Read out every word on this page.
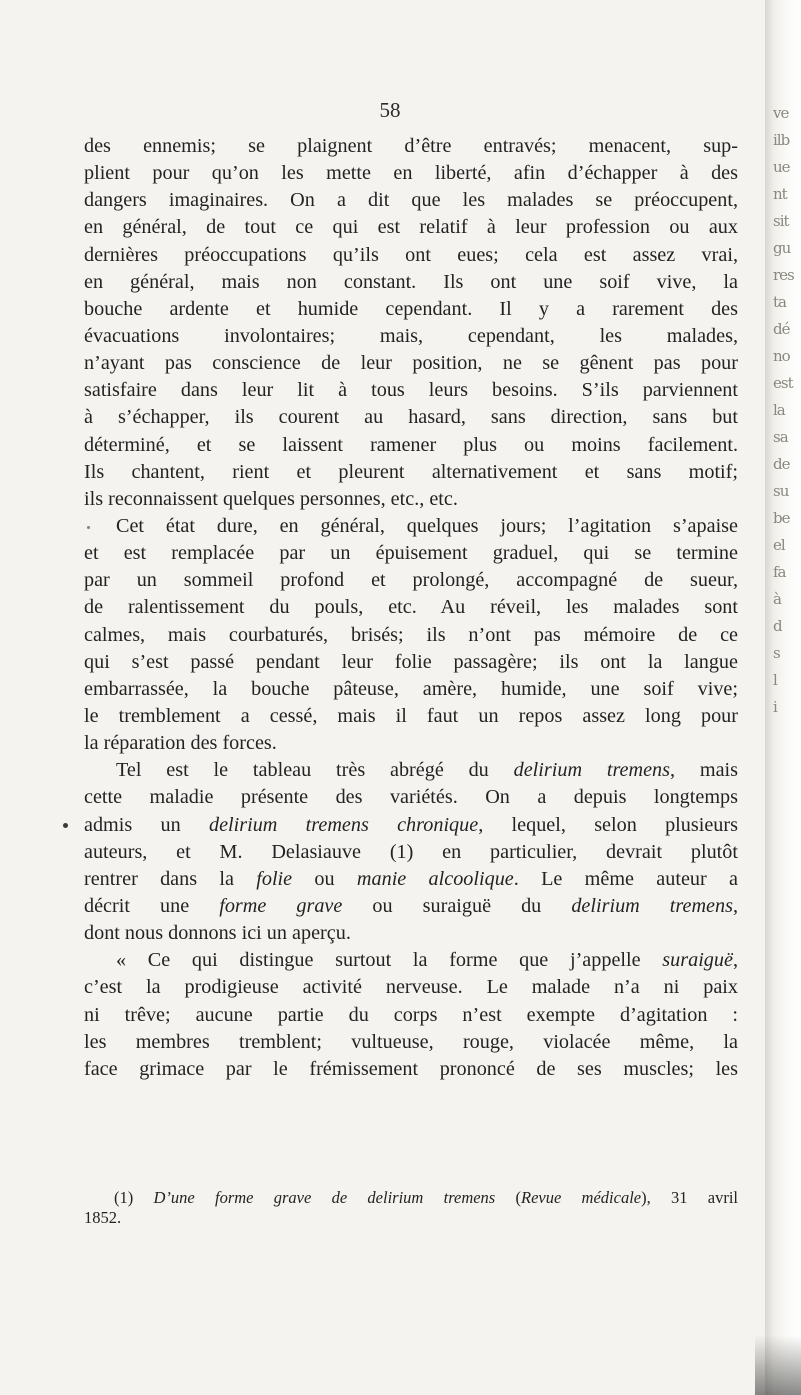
58
des ennemis; se plaignent d’être entravés; menacent, sup-
plient pour qu’on les mette en liberté, afin d’échapper à des
dangers imaginaires. On a dit que les malades se préoccupent,
en général, de tout ce qui est relatif à leur profession ou aux
dernières préoccupations qu’ils ont eues; cela est assez vrai,
en général, mais non constant. Ils ont une soif vive, la
bouche ardente et humide cependant. Il y a rarement des
évacuations involontaires; mais, cependant, les malades,
n’ayant pas conscience de leur position, ne se gênent pas pour
satisfaire dans leur lit à tous leurs besoins. S’ils parviennent
à s’échapper, ils courent au hasard, sans direction, sans but
déterminé, et se laissent ramener plus ou moins facilement.
Ils chantent, rient et pleurent alternativement et sans motif;
ils reconnaissent quelques personnes, etc., etc.
Cet état dure, en général, quelques jours; l’agitation s’apaise
et est remplacée par un épuisement graduel, qui se termine
par un sommeil profond et prolongé, accompagné de sueur,
de ralentissement du pouls, etc. Au réveil, les malades sont
calmes, mais courbaturés, brisés; ils n’ont pas mémoire de ce
qui s’est passé pendant leur folie passagère; ils ont la langue
embarrassée, la bouche pâteuse, amère, humide, une soif vive;
le tremblement a cessé, mais il faut un repos assez long pour
la réparation des forces.
Tel est le tableau très abrégé du delirium tremens, mais
cette maladie présente des variétés. On a depuis longtemps
admis un delirium tremens chronique, lequel, selon plusieurs
auteurs, et M. Delasiauve (1) en particulier, devrait plutôt
rentrer dans la folie ou manie alcoolique. Le même auteur a
décrit une forme grave ou suraiguë du delirium tremens,
dont nous donnons ici un aperçu.
« Ce qui distingue surtout la forme que j’appelle suraiguë,
c’est la prodigieuse activité nerveuse. Le malade n’a ni paix
ni trêve; aucune partie du corps n’est exempte d’agitation :
les membres tremblent; vultueuse, rouge, violacée même, la
face grimace par le frémissement prononcé de ses muscles; les
(1) D’une forme grave de delirium tremens (Revue médicale), 31 avril
1852.
ve
ilb
ue
nt
sit
gu
res
ta
dé
no
est
la
sa
de
su
be
el
fa
à
d
s
l
i
